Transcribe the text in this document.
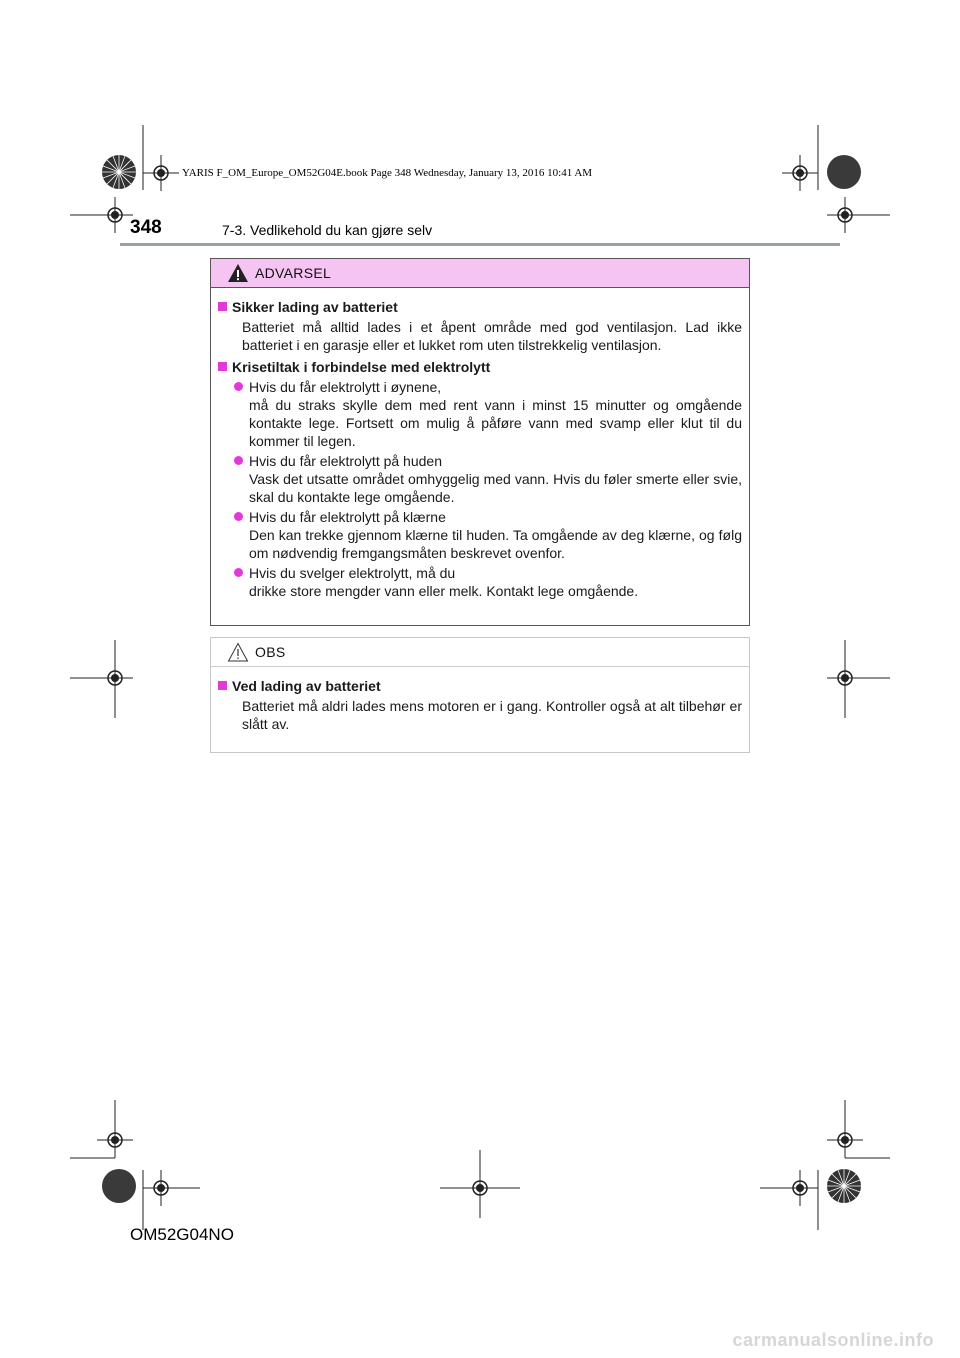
YARIS F_OM_Europe_OM52G04E.book Page 348 Wednesday, January 13, 2016 10:41 AM
348	7-3. Vedlikehold du kan gjøre selv
ADVARSEL
Sikker lading av batteriet
Batteriet må alltid lades i et åpent område med god ventilasjon. Lad ikke batteriet i en garasje eller et lukket rom uten tilstrekkelig ventilasjon.
Krisetiltak i forbindelse med elektrolytt
Hvis du får elektrolytt i øynene,
må du straks skylle dem med rent vann i minst 15 minutter og omgående kontakte lege. Fortsett om mulig å påføre vann med svamp eller klut til du kommer til legen.
Hvis du får elektrolytt på huden
Vask det utsatte området omhyggelig med vann. Hvis du føler smerte eller svie, skal du kontakte lege omgående.
Hvis du får elektrolytt på klærne
Den kan trekke gjennom klærne til huden. Ta omgående av deg klærne, og følg om nødvendig fremgangsmåten beskrevet ovenfor.
Hvis du svelger elektrolytt, må du
drikke store mengder vann eller melk. Kontakt lege omgående.
OBS
Ved lading av batteriet
Batteriet må aldri lades mens motoren er i gang. Kontroller også at alt tilbehør er slått av.
OM52G04NO
carmanualsonline.info
